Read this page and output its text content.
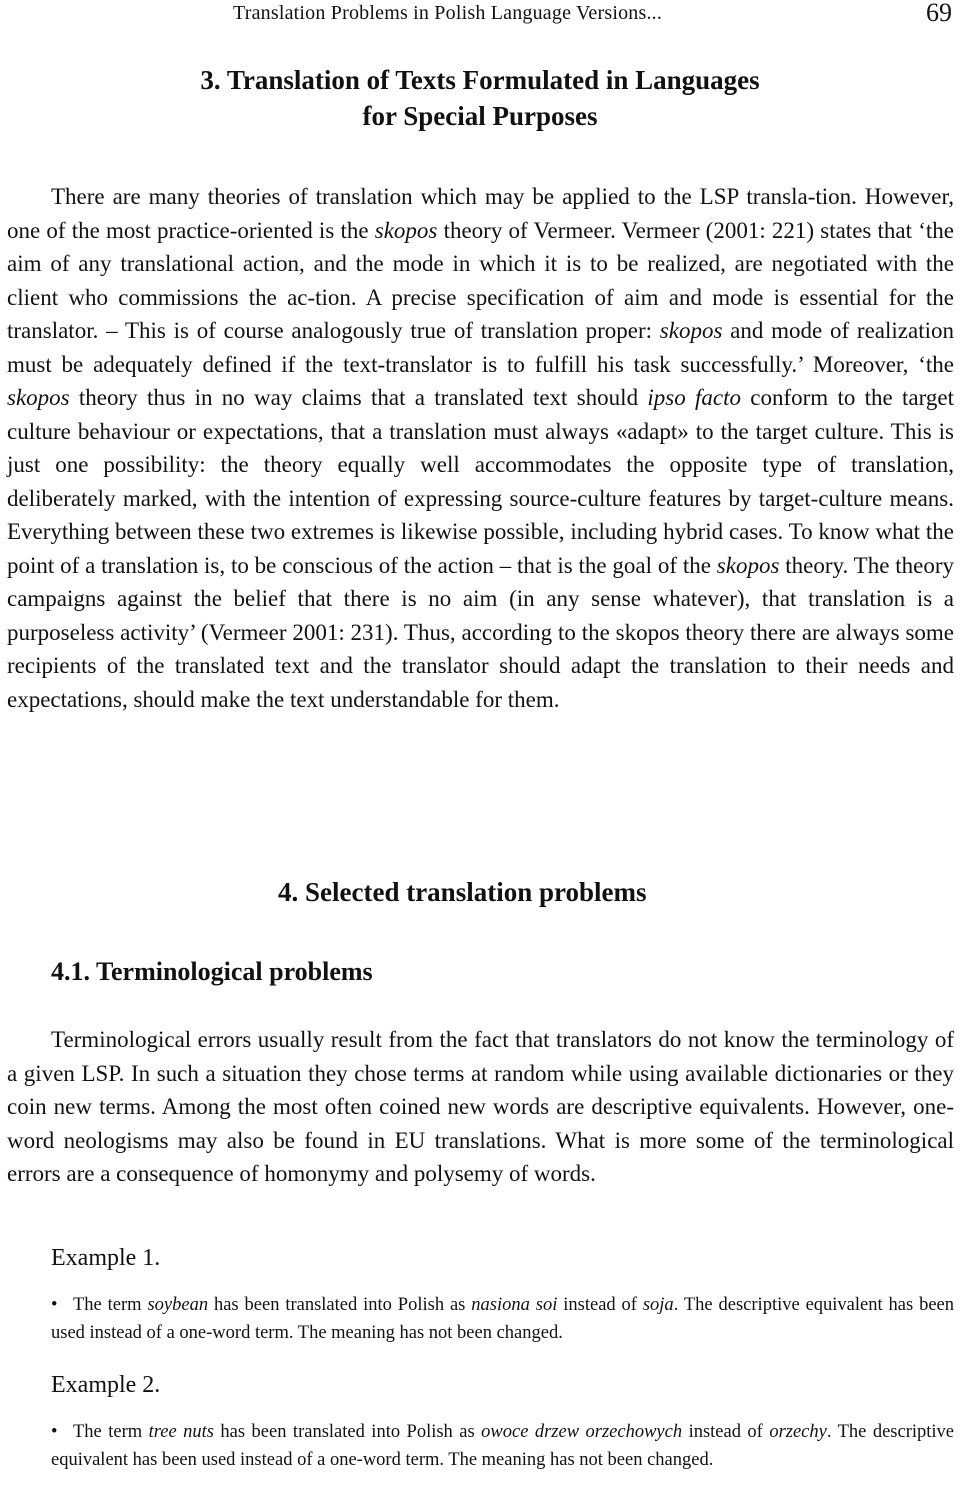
Translation Problems in Polish Language Versions...	69
3. Translation of Texts Formulated in Languages
for Special Purposes

There are many theories of translation which may be applied to the LSP transla-tion. However, one of the most practice-oriented is the skopos theory of Vermeer. Vermeer (2001: 221) states that ‘the aim of any translational action, and the mode in which it is to be realized, are negotiated with the client who commissions the ac-tion. A precise specification of aim and mode is essential for the translator. – This is of course analogously true of translation proper: skopos and mode of realization must be adequately defined if the text-translator is to fulfill his task successfully.’ Moreover, ‘the skopos theory thus in no way claims that a translated text should ipso facto conform to the target culture behaviour or expectations, that a translation must always «adapt» to the target culture. This is just one possibility: the theory equally well accommodates the opposite type of translation, deliberately marked, with the intention of expressing source-culture features by target-culture means. Everything between these two extremes is likewise possible, including hybrid cases. To know what the point of a translation is, to be conscious of the action – that is the goal of the skopos theory. The theory campaigns against the belief that there is no aim (in any sense whatever), that translation is a purposeless activity’ (Vermeer 2001: 231). Thus, according to the skopos theory there are always some recipients of the translated text and the translator should adapt the translation to their needs and expectations, should make the text understandable for them.

4. Selected translation problems
4.1. Terminological problems

Terminological errors usually result from the fact that translators do not know the terminology of a given LSP. In such a situation they chose terms at random while using available dictionaries or they coin new terms. Among the most often coined new words are descriptive equivalents. However, one-word neologisms may also be found in EU translations. What is more some of the terminological errors are a consequence of homonymy and polysemy of words.

Example 1.

• The term soybean has been translated into Polish as nasiona soi instead of soja. The descriptive equivalent has been used instead of a one-word term. The meaning has not been changed.

Example 2.

• The term tree nuts has been translated into Polish as owoce drzew orzechowych instead of orzechy. The descriptive equivalent has been used instead of a one-word term. The meaning has not been changed.
